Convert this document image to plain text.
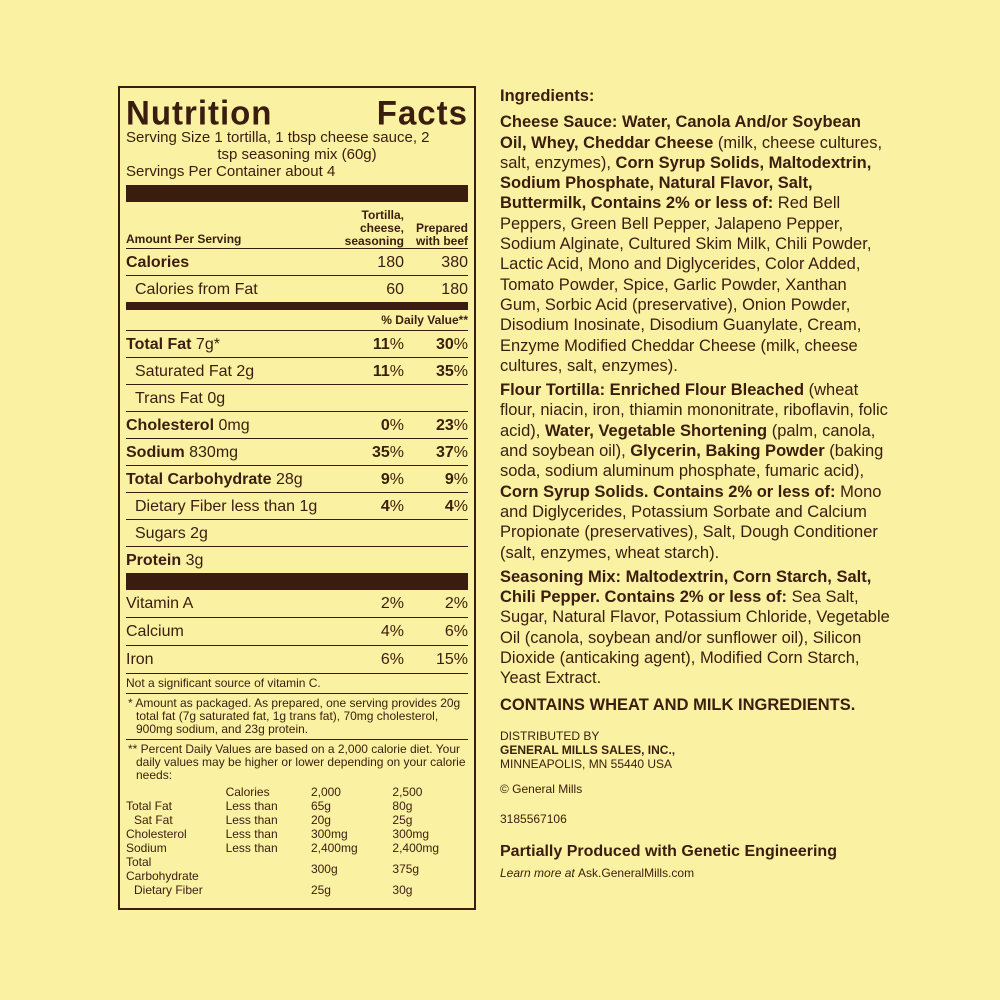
Nutrition	Facts
Serving Size 1 tortilla, 1 tbsp cheese sauce, 2
tsp seasoning mix (60g)
Servings Per Container about 4
Amount Per Serving
Tortilla, cheese, seasoning
Prepared with beef
Calories	180	380
Calories from Fat	60	180
% Daily Value**
Total Fat 7g*	11%	30%
Saturated Fat 2g	11%	35%
Trans Fat 0g
Cholesterol 0mg	0%	23%
Sodium 830mg	35%	37%
Total Carbohydrate 28g	9%	9%
Dietary Fiber less than 1g	4%	4%
Sugars 2g
Protein 3g
Vitamin A	2%	2%
Calcium	4%	6%
Iron	6%	15%
Not a significant source of vitamin C.
* Amount as packaged. As prepared, one serving provides 20g total fat (7g saturated fat, 1g trans fat), 70mg cholesterol, 900mg sodium, and 23g protein.
** Percent Daily Values are based on a 2,000 calorie diet. Your daily values may be higher or lower depending on your calorie needs:
	Calories	2,000	2,500
Total Fat	Less than	65g	80g
Sat Fat	Less than	20g	25g
Cholesterol	Less than	300mg	300mg
Sodium	Less than	2,400mg	2,400mg
Total Carbohydrate		300g	375g
Dietary Fiber		25g	30g

Ingredients:

Cheese Sauce: Water, Canola And/or Soybean Oil, Whey, Cheddar Cheese (milk, cheese cultures, salt, enzymes), Corn Syrup Solids, Maltodextrin, Sodium Phosphate, Natural Flavor, Salt, Buttermilk, Contains 2% or less of: Red Bell Peppers, Green Bell Pepper, Jalapeno Pepper, Sodium Alginate, Cultured Skim Milk, Chili Powder, Lactic Acid, Mono and Diglycerides, Color Added, Tomato Powder, Spice, Garlic Powder, Xanthan Gum, Sorbic Acid (preservative), Onion Powder, Disodium Inosinate, Disodium Guanylate, Cream, Enzyme Modified Cheddar Cheese (milk, cheese cultures, salt, enzymes).

Flour Tortilla: Enriched Flour Bleached (wheat flour, niacin, iron, thiamin mononitrate, riboflavin, folic acid), Water, Vegetable Shortening (palm, canola, and soybean oil), Glycerin, Baking Powder (baking soda, sodium aluminum phosphate, fumaric acid), Corn Syrup Solids. Contains 2% or less of: Mono and Diglycerides, Potassium Sorbate and Calcium Propionate (preservatives), Salt, Dough Conditioner (salt, enzymes, wheat starch).

Seasoning Mix: Maltodextrin, Corn Starch, Salt, Chili Pepper. Contains 2% or less of: Sea Salt, Sugar, Natural Flavor, Potassium Chloride, Vegetable Oil (canola, soybean and/or sunflower oil), Silicon Dioxide (anticaking agent), Modified Corn Starch, Yeast Extract.

CONTAINS WHEAT AND MILK INGREDIENTS.

DISTRIBUTED BY
GENERAL MILLS SALES, INC.,
MINNEAPOLIS, MN 55440 USA

© General Mills

3185567106

Partially Produced with Genetic Engineering

Learn more at Ask.GeneralMills.com
